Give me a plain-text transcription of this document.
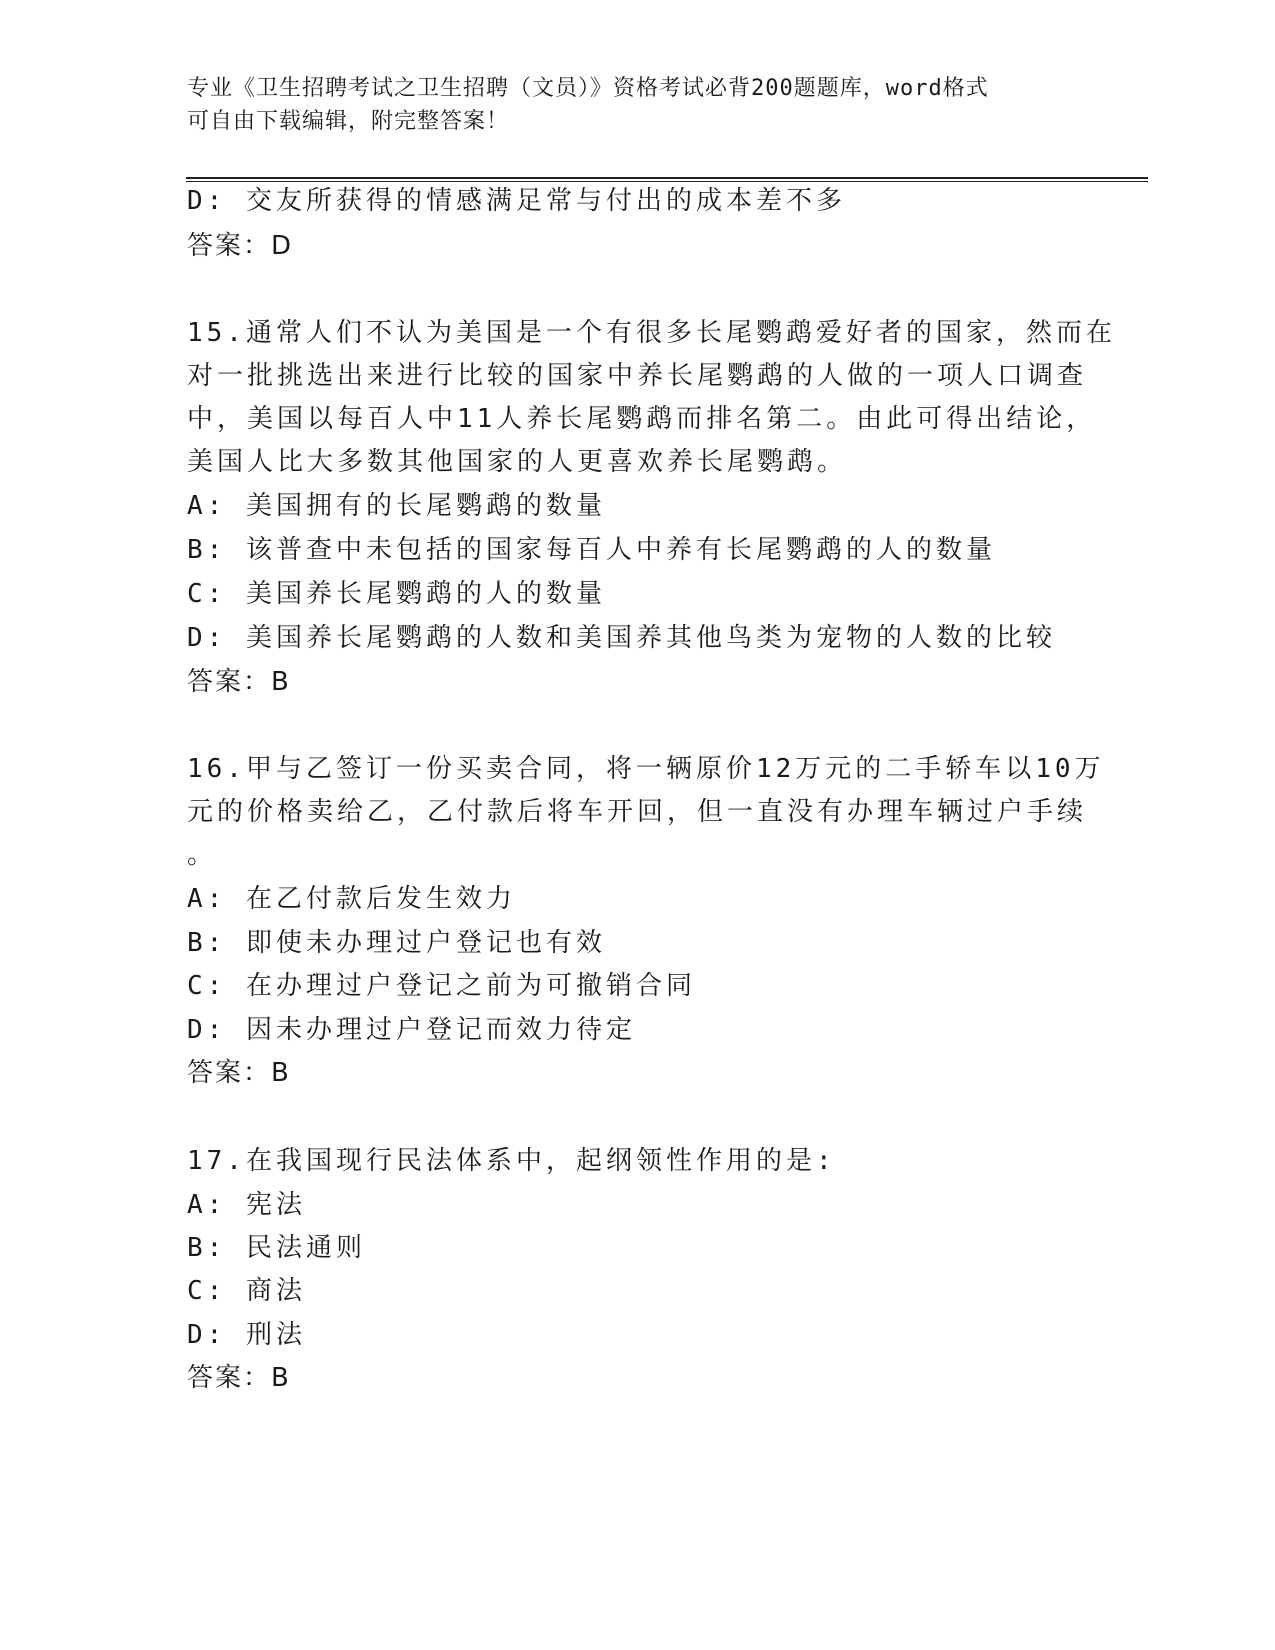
专业《卫生招聘考试之卫生招聘（文员）》资格考试必背200题题库，word格式
可自由下载编辑，附完整答案！
D: 交友所获得的情感满足常与付出的成本差不多
答案：D
15.通常人们不认为美国是一个有很多长尾鹦鹉爱好者的国家，然而在
对一批挑选出来进行比较的国家中养长尾鹦鹉的人做的一项人口调查
中，美国以每百人中11人养长尾鹦鹉而排名第二。由此可得出结论，
美国人比大多数其他国家的人更喜欢养长尾鹦鹉。
A: 美国拥有的长尾鹦鹉的数量
B: 该普查中未包括的国家每百人中养有长尾鹦鹉的人的数量
C: 美国养长尾鹦鹉的人的数量
D: 美国养长尾鹦鹉的人数和美国养其他鸟类为宠物的人数的比较
答案：B
16.甲与乙签订一份买卖合同，将一辆原价12万元的二手轿车以10万
元的价格卖给乙，乙付款后将车开回，但一直没有办理车辆过户手续
。
A: 在乙付款后发生效力
B: 即使未办理过户登记也有效
C: 在办理过户登记之前为可撤销合同
D: 因未办理过户登记而效力待定
答案：B
17.在我国现行民法体系中，起纲领性作用的是:
A: 宪法
B: 民法通则
C: 商法
D: 刑法
答案：B
